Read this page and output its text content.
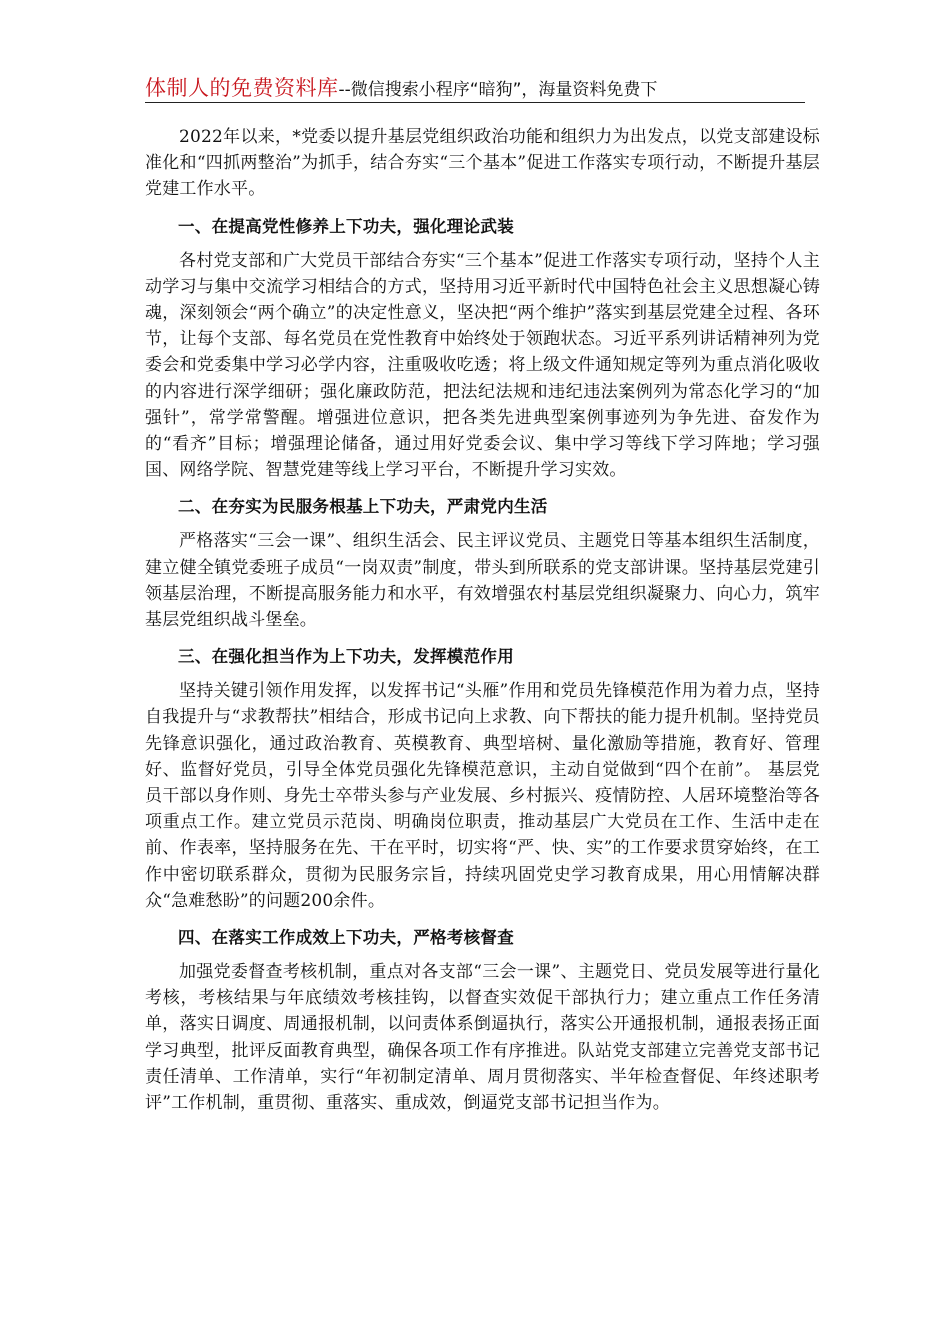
体制人的免费资料库--微信搜索小程序“暗狗”，海量资料免费下

2022年以来，*党委以提升基层党组织政治功能和组织力为出发点，以党支部建设标准化和“四抓两整治”为抓手，结合夯实“三个基本”促进工作落实专项行动，不断提升基层党建工作水平。

一、在提高党性修养上下功夫，强化理论武装

各村党支部和广大党员干部结合夯实“三个基本”促进工作落实专项行动，坚持个人主动学习与集中交流学习相结合的方式，坚持用习近平新时代中国特色社会主义思想凝心铸魂，深刻领会“两个确立”的决定性意义，坚决把“两个维护”落实到基层党建全过程、各环节，让每个支部、每名党员在党性教育中始终处于领跑状态。习近平系列讲话精神列为党委会和党委集中学习必学内容，注重吸收吃透；将上级文件通知规定等列为重点消化吸收的内容进行深学细研；强化廉政防范，把法纪法规和违纪违法案例列为常态化学习的“加强针”，常学常警醒。增强进位意识，把各类先进典型案例事迹列为争先进、奋发作为的“看齐”目标；增强理论储备，通过用好党委会议、集中学习等线下学习阵地；学习强国、网络学院、智慧党建等线上学习平台，不断提升学习实效。

二、在夯实为民服务根基上下功夫，严肃党内生活

严格落实“三会一课”、组织生活会、民主评议党员、主题党日等基本组织生活制度，建立健全镇党委班子成员“一岗双责”制度，带头到所联系的党支部讲课。坚持基层党建引领基层治理，不断提高服务能力和水平，有效增强农村基层党组织凝聚力、向心力，筑牢基层党组织战斗堡垒。

三、在强化担当作为上下功夫，发挥模范作用

坚持关键引领作用发挥，以发挥书记“头雁”作用和党员先锋模范作用为着力点，坚持自我提升与“求教帮扶”相结合，形成书记向上求教、向下帮扶的能力提升机制。坚持党员先锋意识强化，通过政治教育、英模教育、典型培树、量化激励等措施，教育好、管理好、监督好党员，引导全体党员强化先锋模范意识，主动自觉做到“四个在前”。 基层党员干部以身作则、身先士卒带头参与产业发展、乡村振兴、疫情防控、人居环境整治等各项重点工作。建立党员示范岗、明确岗位职责，推动基层广大党员在工作、生活中走在前、作表率，坚持服务在先、干在平时，切实将“严、快、实”的工作要求贯穿始终，在工作中密切联系群众，贯彻为民服务宗旨，持续巩固党史学习教育成果，用心用情解决群众“急难愁盼”的问题200余件。

四、在落实工作成效上下功夫，严格考核督查

加强党委督查考核机制，重点对各支部“三会一课”、主题党日、党员发展等进行量化考核，考核结果与年底绩效考核挂钩，以督查实效促干部执行力；建立重点工作任务清单，落实日调度、周通报机制，以问责体系倒逼执行，落实公开通报机制，通报表扬正面学习典型，批评反面教育典型，确保各项工作有序推进。队站党支部建立完善党支部书记责任清单、工作清单，实行“年初制定清单、周月贯彻落实、半年检查督促、年终述职考评”工作机制，重贯彻、重落实、重成效，倒逼党支部书记担当作为。
